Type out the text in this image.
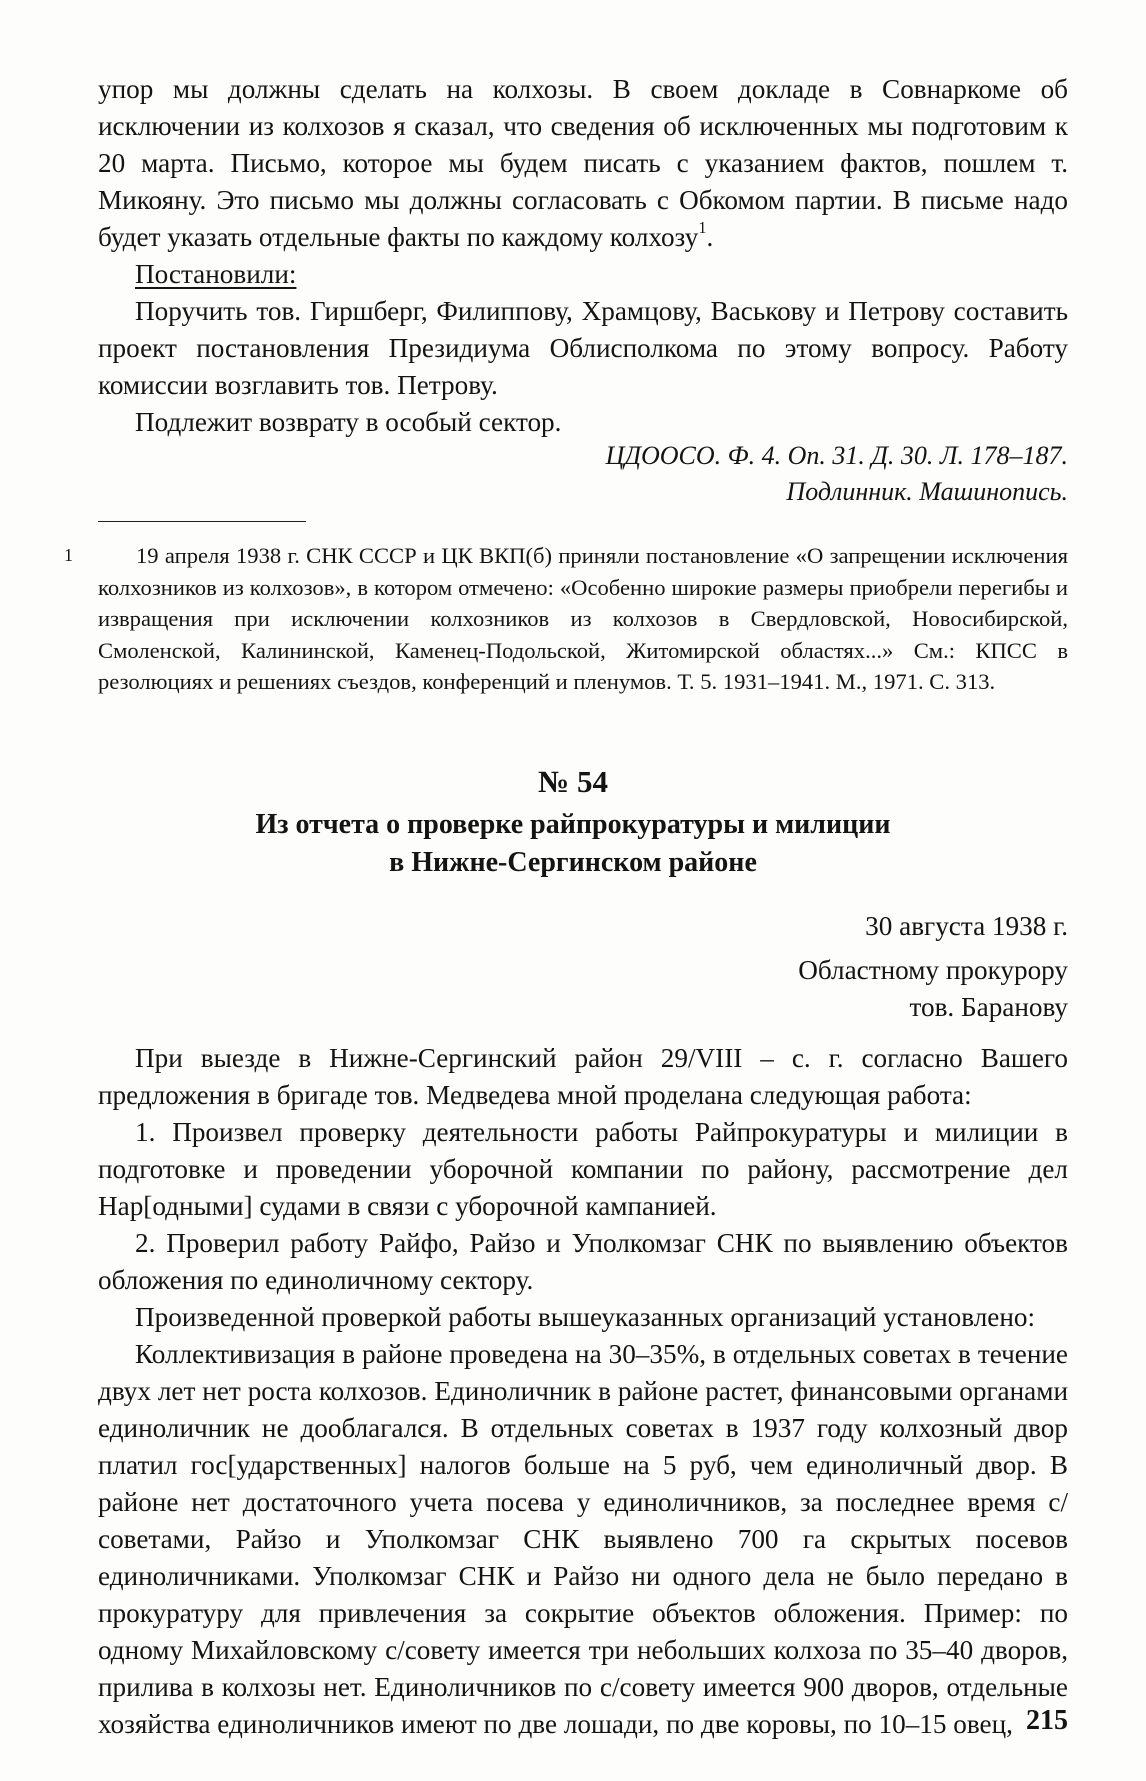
упор мы должны сделать на колхозы. В своем докладе в Совнаркоме об исключении из колхозов я сказал, что сведения об исключенных мы подготовим к 20 марта. Письмо, которое мы будем писать с указанием фактов, пошлем т. Микояну. Это письмо мы должны согласовать с Обкомом партии. В письме надо будет указать отдельные факты по каждому колхозу$^1$.

Постановили:

Поручить тов. Гиршберг, Филиппову, Храмцову, Васькову и Петрову составить проект постановления Президиума Облисполкома по этому вопросу. Работу комиссии возглавить тов. Петрову.

Подлежит возврату в особый сектор.

ЦДООСО. Ф. 4. Оп. 31. Д. 30. Л. 178–187.
Подлинник. Машинопись.
1	19 апреля 1938 г. СНК СССР и ЦК ВКП(б) приняли постановление «О запрещении исключения колхозников из колхозов», в котором отмечено: «Особенно широкие размеры приобрели перегибы и извращения при исключении колхозников из колхозов в Свердловской, Новосибирской, Смоленской, Калининской, Каменец-Подольской, Житомирской областях...» См.: КПСС в резолюциях и решениях съездов, конференций и пленумов. Т. 5. 1931–1941. М., 1971. С. 313.

№ 54
Из отчета о проверке райпрокуратуры и милиции
в Нижне-Сергинском районе
30 августа 1938 г.
Областному прокурору
тов. Баранову

При выезде в Нижне-Сергинский район 29/VIII – с. г. согласно Вашего предложения в бригаде тов. Медведева мной проделана следующая работа:

1. Произвел проверку деятельности работы Райпрокуратуры и милиции в подготовке и проведении уборочной компании по району, рассмотрение дел Нар[одными] судами в связи с уборочной кампанией.

2. Проверил работу Райфо, Райзо и Уполкомзаг СНК по выявлению объектов обложения по единоличному сектору.

Произведенной проверкой работы вышеуказанных организаций установлено:

Коллективизация в районе проведена на 30–35%, в отдельных советах в течение двух лет нет роста колхозов. Единоличник в районе растет, финансовыми органами единоличник не дооблагался. В отдельных советах в 1937 году колхозный двор платил гос[ударственных] налогов больше на 5 руб, чем единоличный двор. В районе нет достаточного учета посева у единоличников, за последнее время с/советами, Райзо и Уполкомзаг СНК выявлено 700 га скрытых посевов единоличниками. Уполкомзаг СНК и Райзо ни одного дела не было передано в прокуратуру для привлечения за сокрытие объектов обложения. Пример: по одному Михайловскому с/совету имеется три небольших колхоза по 35–40 дворов, прилива в колхозы нет. Единоличников по с/совету имеется 900 дворов, отдельные хозяйства единоличников имеют по две лошади, по две коровы, по 10–15 овец, 215
